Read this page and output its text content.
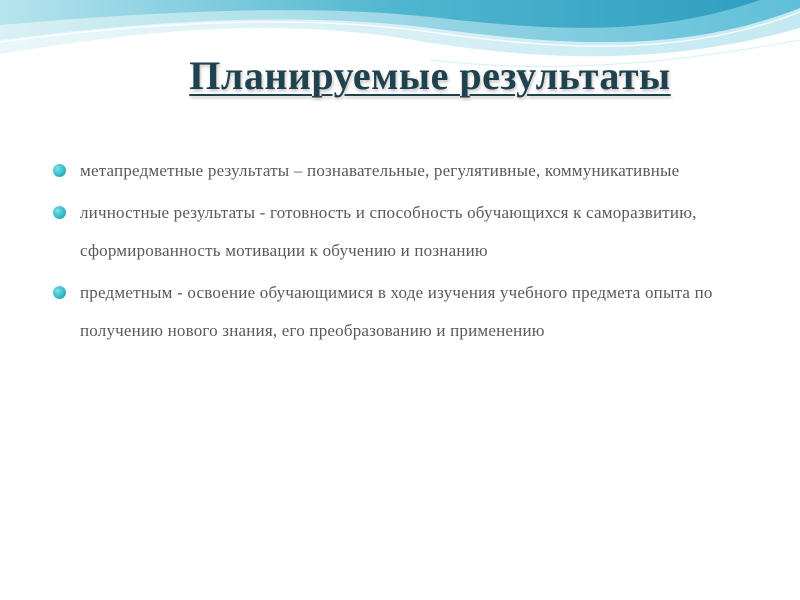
Планируемые результаты
метапредметные результаты – познавательные, регулятивные, коммуникативные
личностные результаты - готовность и способность обучающихся к саморазвитию, сформированность мотивации к обучению и познанию
предметным - освоение обучающимися в ходе изучения учебного предмета опыта по получению нового знания, его преобразованию и применению
